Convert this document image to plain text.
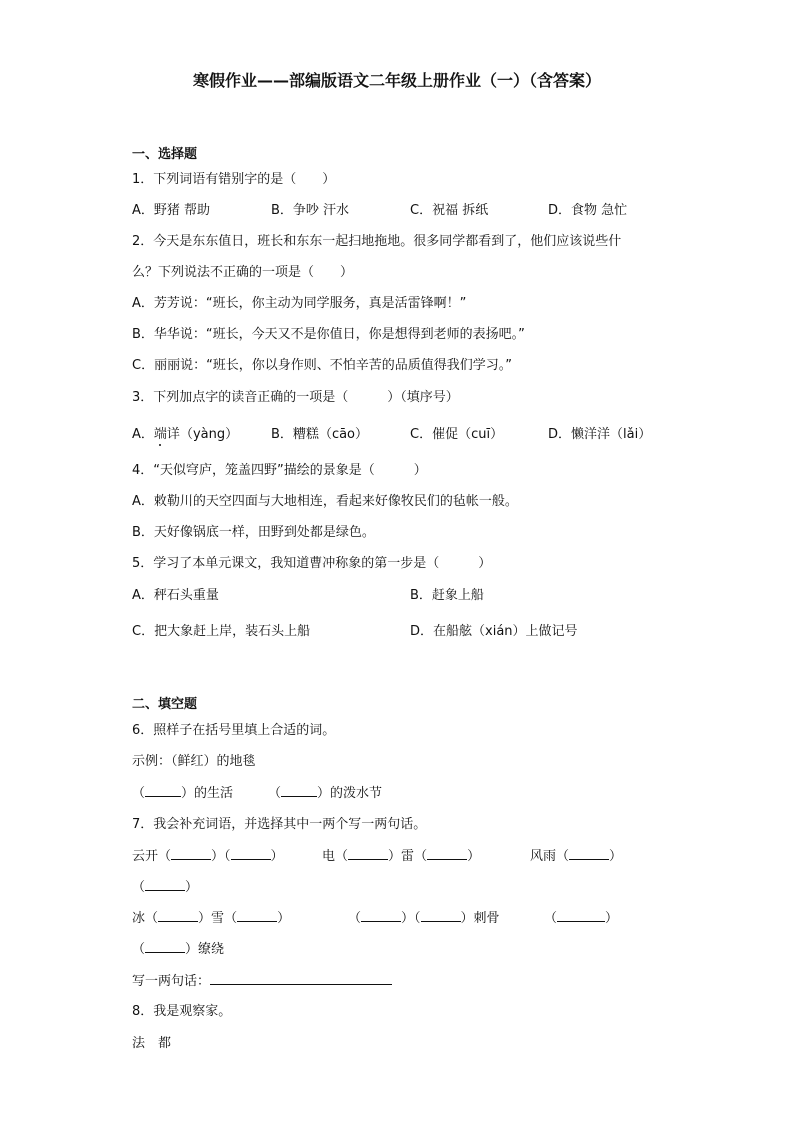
寒假作业——部编版语文二年级上册作业（一）（含答案）
一、选择题
1．下列词语有错别字的是（　　）
A．野猪 帮助	B．争吵 汗水	C．祝福 拆纸	D．食物 急忙
2．今天是东东值日，班长和东东一起扫地拖地。很多同学都看到了，他们应该说些什
么？下列说法不正确的一项是（　　）
A．芳芳说：“班长，你主动为同学服务，真是活雷锋啊！”
B．华华说：“班长，今天又不是你值日，你是想得到老师的表扬吧。”
C．丽丽说：“班长，你以身作则、不怕辛苦的品质值得我们学习。”
3．下列加点字的读音正确的一项是（　　　）（填序号）
A．端详（yàng）	B．糟糕（cāo）	C．催促（cuī）	D．懒洋洋（lǎi）
4．“天似穹庐，笼盖四野”描绘的景象是（　　　）
A．敕勒川的天空四面与大地相连，看起来好像牧民们的毡帐一般。
B．天好像锅底一样，田野到处都是绿色。
5．学习了本单元课文，我知道曹冲称象的第一步是（　　　）
A．秤石头重量	B．赶象上船
C．把大象赶上岸，装石头上船	D．在船舷（xián）上做记号
二、填空题
6．照样子在括号里填上合适的词。
示例：（鲜红）的地毯
（	）的生活	（	）的泼水节
7．我会补充词语，并选择其中一两个写一两句话。
云开（	）（	）	电（	）雷（	）	风雨（	）
（	）
冰（	）雪（	）	（	）（	）刺骨	（	）
（	）缭绕
写一两句话：
8．我是观察家。
法　都
